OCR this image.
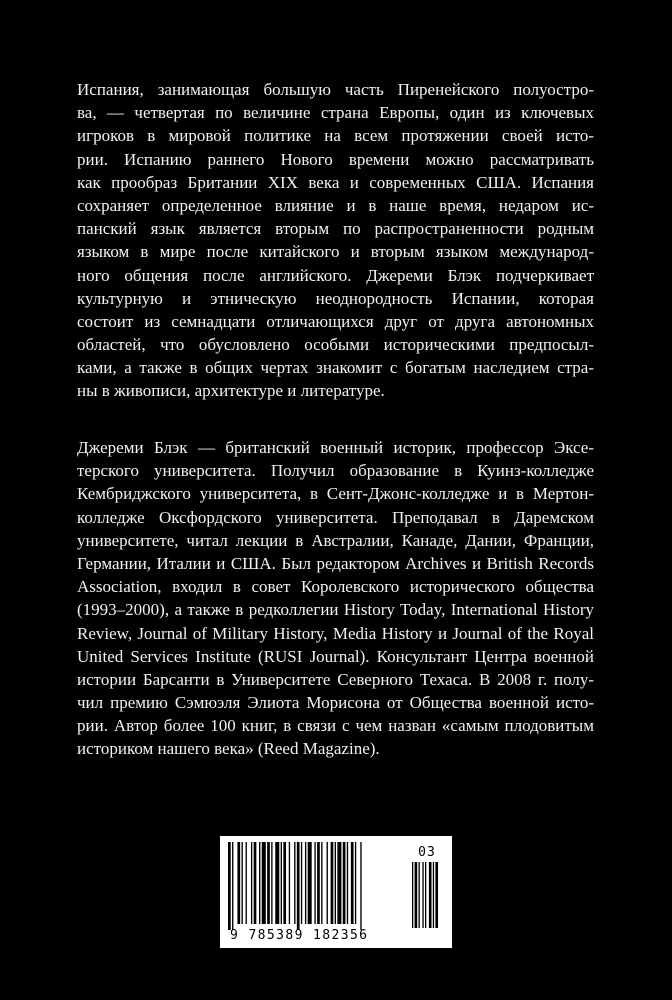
Испания, занимающая большую часть Пиренейского полуостро-
ва, — четвертая по величине страна Европы, один из ключевых
игроков в мировой политике на всем протяжении своей исто-
рии. Испанию раннего Нового времени можно рассматривать
как прообраз Британии XIX века и современных США. Испания
сохраняет определенное влияние и в наше время, недаром ис-
панский язык является вторым по распространенности родным
языком в мире после китайского и вторым языком международ-
ного общения после английского. Джереми Блэк подчеркивает
культурную и этническую неоднородность Испании, которая
состоит из семнадцати отличающихся друг от друга автономных
областей, что обусловлено особыми историческими предпосыл-
ками, а также в общих чертах знакомит с богатым наследием стра-
ны в живописи, архитектуре и литературе.
Джереми Блэк — британский военный историк, профессор Эксе-
терского университета. Получил образование в Куинз-колледже
Кембриджского университета, в Сент-Джонс-колледже и в Мертон-
колледже Оксфордского университета. Преподавал в Даремском
университете, читал лекции в Австралии, Канаде, Дании, Франции,
Германии, Италии и США. Был редактором Archives и British Records
Association, входил в совет Королевского исторического общества
(1993–2000), а также в редколлегии History Today, International History
Review, Journal of Military History, Media History и Journal of the Royal
United Services Institute (RUSI Journal). Консультант Центра военной
истории Барсанти в Университете Северного Техаса. В 2008 г. полу-
чил премию Сэмюэля Элиота Морисона от Общества военной исто-
рии. Автор более 100 книг, в связи с чем назван «самым плодовитым
историком нашего века» (Reed Magazine).
03
9 785389 182356
